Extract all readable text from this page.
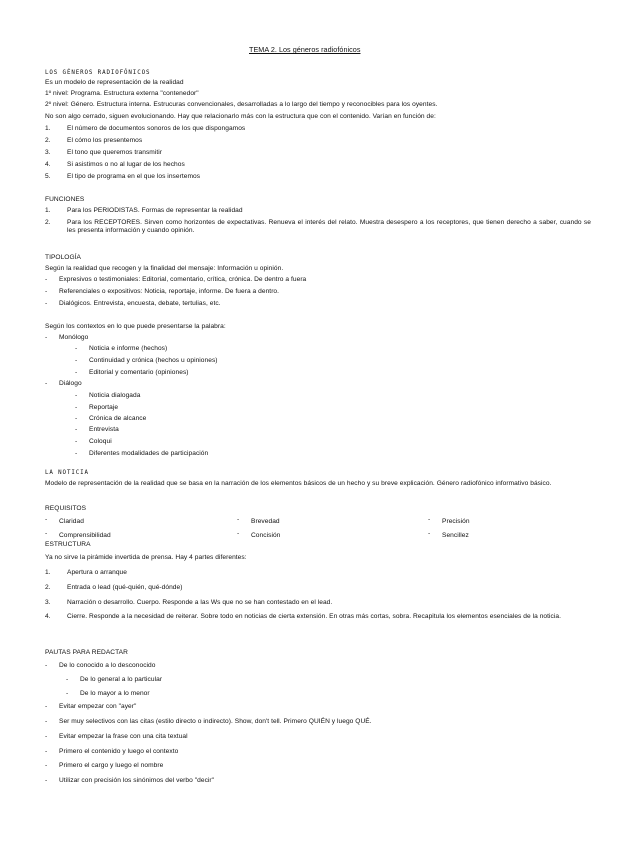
TEMA 2. Los géneros radiofónicos
LOS GÉNEROS RADIOFÓNICOS
Es un modelo de representación de la realidad
1º nivel: Programa. Estructura externa "contenedor"
2º nivel: Género. Estructura interna. Estrucuras convencionales, desarrolladas a lo largo del tiempo y reconocibles para los oyentes.
No son algo cerrado, siguen evolucionando. Hay que relacionarlo más con la estructura que con el contenido. Varían en función de:
1.	El número de documentos sonoros de los que dispongamos
2.	El cómo los presentemos
3.	El tono que queremos transmitir
4.	Si asistimos o no al lugar de los hechos
5.	El tipo de programa en el que los insertemos
FUNCIONES
1.	Para los PERIODISTAS. Formas de representar la realidad
2.	Para los RECEPTORES. Sirven como horizontes de expectativas. Renueva el interés del relato. Muestra desespero a los receptores, que tienen derecho a saber, cuando se les presenta información y cuando opinión.
TIPOLOGÍA
Según la realidad que recogen y la finalidad del mensaje: Información u opinión.
- Expresivos o testimoniales: Editorial, comentario, crítica, crónica. De dentro a fuera
- Referenciales o expositivos: Noticia, reportaje, informe. De fuera a dentro.
- Dialógicos. Entrevista, encuesta, debate, tertulias, etc.
Según los contextos en lo que puede presentarse la palabra:
- Monólogo
- Noticia e informe (hechos)
- Continuidad y crónica (hechos u opiniones)
- Editorial y comentario (opiniones)
- Diálogo
- Noticia dialogada
- Reportaje
- Crónica de alcance
- Entrevista
- Coloqui
- Diferentes modalidades de participación
LA NOTICIA
Modelo de representación de la realidad que se basa en la narración de los elementos básicos de un hecho y su breve explicación. Género radiofónico informativo básico.
REQUISITOS
- Claridad	- Brevedad	- Precisión
- Comprensibilidad	- Concisión	- Sencillez
ESTRUCTURA
Ya no sirve la pirámide invertida de prensa. Hay 4 partes diferentes:
1.	Apertura o arranque
2.	Entrada o lead (qué-quién, qué-dónde)
3.	Narración o desarrollo. Cuerpo. Responde a las Ws que no se han contestado en el lead.
4.	Cierre. Responde a la necesidad de reiterar. Sobre todo en noticias de cierta extensión. En otras más cortas, sobra. Recapitula los elementos esenciales de la noticia.
PAUTAS PARA REDACTAR
- De lo conocido a lo desconocido
- De lo general a lo particular
- De lo mayor a lo menor
- Evitar empezar con "ayer"
- Ser muy selectivos con las citas (estilo directo o indirecto). Show, don't tell. Primero QUIÉN y luego QUÉ.
- Evitar empezar la frase con una cita textual
- Primero el contenido y luego el contexto
- Primero el cargo y luego el nombre
- Utilizar con precisión los sinónimos del verbo "decir"
